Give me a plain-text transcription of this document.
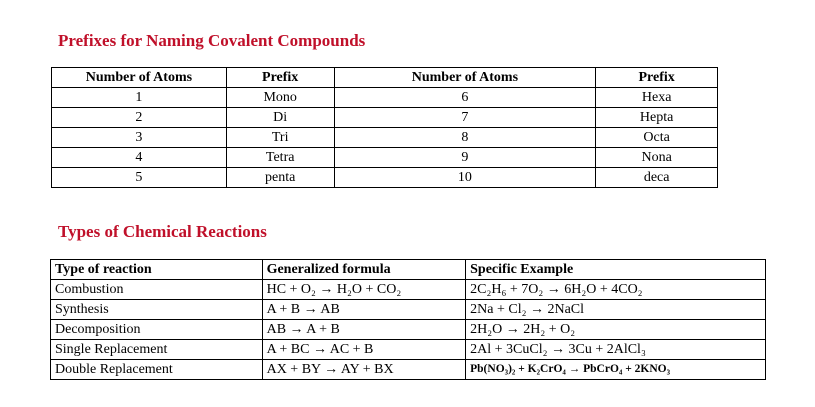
Prefixes for Naming Covalent Compounds
Number of Atoms	Prefix	Number of Atoms	Prefix
1	Mono	6	Hexa
2	Di	7	Hepta
3	Tri	8	Octa
4	Tetra	9	Nona
5	penta	10	deca
Types of Chemical Reactions
Type of reaction	Generalized formula	Specific Example
Combustion	HC + O₂ → H₂O + CO₂	2C₂H₆ + 7O₂ → 6H₂O + 4CO₂
Synthesis	A + B → AB	2Na + Cl₂ → 2NaCl
Decomposition	AB → A + B	2H₂O → 2H₂ + O₂
Single Replacement	A + BC → AC + B	2Al + 3CuCl₂ → 3Cu + 2AlCl₃
Double Replacement	AX + BY → AY + BX	Pb(NO₃)₂ + K₂CrO₄ → PbCrO₄ + 2KNO₃
